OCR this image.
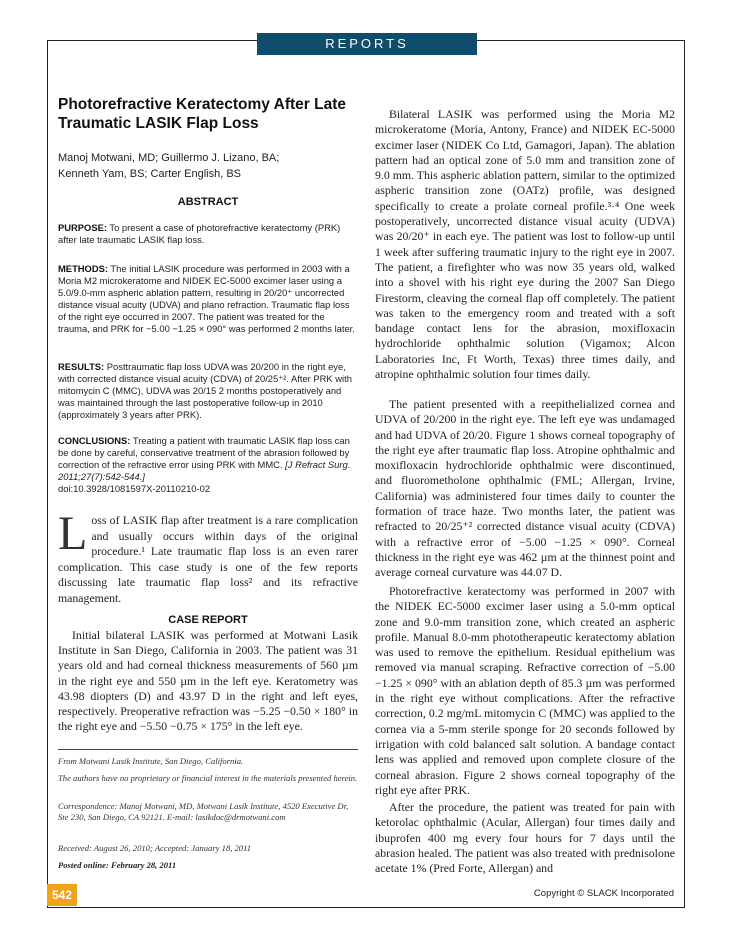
REPORTS
Photorefractive Keratectomy After Late Traumatic LASIK Flap Loss
Manoj Motwani, MD; Guillermo J. Lizano, BA;
Kenneth Yam, BS; Carter English, BS
ABSTRACT

PURPOSE: To present a case of photorefractive keratectomy (PRK) after late traumatic LASIK flap loss.

METHODS: The initial LASIK procedure was performed in 2003 with a Moria M2 microkeratome and NIDEK EC-5000 excimer laser using a 5.0/9.0-mm aspheric ablation pattern, resulting in 20/20⁺ uncorrected distance visual acuity (UDVA) and plano refraction. Traumatic flap loss of the right eye occurred in 2007. The patient was treated for the trauma, and PRK for −5.00 −1.25 × 090° was performed 2 months later.

RESULTS: Posttraumatic flap loss UDVA was 20/200 in the right eye, with corrected distance visual acuity (CDVA) of 20/25⁺². After PRK with mitomycin C (MMC), UDVA was 20/15 2 months postoperatively and was maintained through the last postoperative follow-up in 2010 (approximately 3 years after PRK).

CONCLUSIONS: Treating a patient with traumatic LASIK flap loss can be done by careful, conservative treatment of the abrasion followed by correction of the refractive error using PRK with MMC. [J Refract Surg. 2011;27(7):542-544.]
doi:10.3928/1081597X-20110210-02

Loss of LASIK flap after treatment is a rare complication and usually occurs within days of the original procedure.¹ Late traumatic flap loss is an even rarer complication. This case study is one of the few reports discussing late traumatic flap loss² and its refractive management.

CASE REPORT

Initial bilateral LASIK was performed at Motwani Lasik Institute in San Diego, California in 2003. The patient was 31 years old and had corneal thickness measurements of 560 µm in the right eye and 550 µm in the left eye. Keratometry was 43.98 diopters (D) and 43.97 D in the right and left eyes, respectively. Preoperative refraction was −5.25 −0.50 × 180° in the right eye and −5.50 −0.75 × 175° in the left eye.

From Motwani Lasik Institute, San Diego, California.

The authors have no proprietary or financial interest in the materials presented herein.

Correspondence: Manoj Motwani, MD, Motwani Lasik Institute, 4520 Executive Dr, Ste 230, San Diego, CA 92121. E-mail: lasikdoc@drmotwani.com

Received: August 26, 2010; Accepted: January 18, 2011

Posted online: February 28, 2011

Bilateral LASIK was performed using the Moria M2 microkeratome (Moria, Antony, France) and NIDEK EC-5000 excimer laser (NIDEK Co Ltd, Gamagori, Japan). The ablation pattern had an optical zone of 5.0 mm and transition zone of 9.0 mm. This aspheric ablation pattern, similar to the optimized aspheric transition zone (OATz) profile, was designed specifically to create a prolate corneal profile.³·⁴ One week postoperatively, uncorrected distance visual acuity (UDVA) was 20/20⁺ in each eye. The patient was lost to follow-up until 1 week after suffering traumatic injury to the right eye in 2007. The patient, a firefighter who was now 35 years old, walked into a shovel with his right eye during the 2007 San Diego Firestorm, cleaving the corneal flap off completely. The patient was taken to the emergency room and treated with a soft bandage contact lens for the abrasion, moxifloxacin hydrochloride ophthalmic solution (Vigamox; Alcon Laboratories Inc, Ft Worth, Texas) three times daily, and atropine ophthalmic solution four times daily.

The patient presented with a reepithelialized cornea and UDVA of 20/200 in the right eye. The left eye was undamaged and had UDVA of 20/20. Figure 1 shows corneal topography of the right eye after traumatic flap loss. Atropine ophthalmic and moxifloxacin hydrochloride ophthalmic were discontinued, and fluorometholone ophthalmic (FML; Allergan, Irvine, California) was administered four times daily to counter the formation of trace haze. Two months later, the patient was refracted to 20/25⁺² corrected distance visual acuity (CDVA) with a refractive error of −5.00 −1.25 × 090°. Corneal thickness in the right eye was 462 µm at the thinnest point and average corneal curvature was 44.07 D.

Photorefractive keratectomy was performed in 2007 with the NIDEK EC-5000 excimer laser using a 5.0-mm optical zone and 9.0-mm transition zone, which created an aspheric profile. Manual 8.0-mm phototherapeutic keratectomy ablation was used to remove the epithelium. Residual epithelium was removed via manual scraping. Refractive correction of −5.00 −1.25 × 090° with an ablation depth of 85.3 µm was performed in the right eye without complications. After the refractive correction, 0.2 mg/mL mitomycin C (MMC) was applied to the cornea via a 5-mm sterile sponge for 20 seconds followed by irrigation with cold balanced salt solution. A bandage contact lens was applied and removed upon complete closure of the corneal abrasion. Figure 2 shows corneal topography of the right eye after PRK.

After the procedure, the patient was treated for pain with ketorolac ophthalmic (Acular, Allergan) four times daily and ibuprofen 400 mg every four hours for 7 days until the abrasion healed. The patient was also treated with prednisolone acetate 1% (Pred Forte, Allergan) and

542	Copyright © SLACK Incorporated
